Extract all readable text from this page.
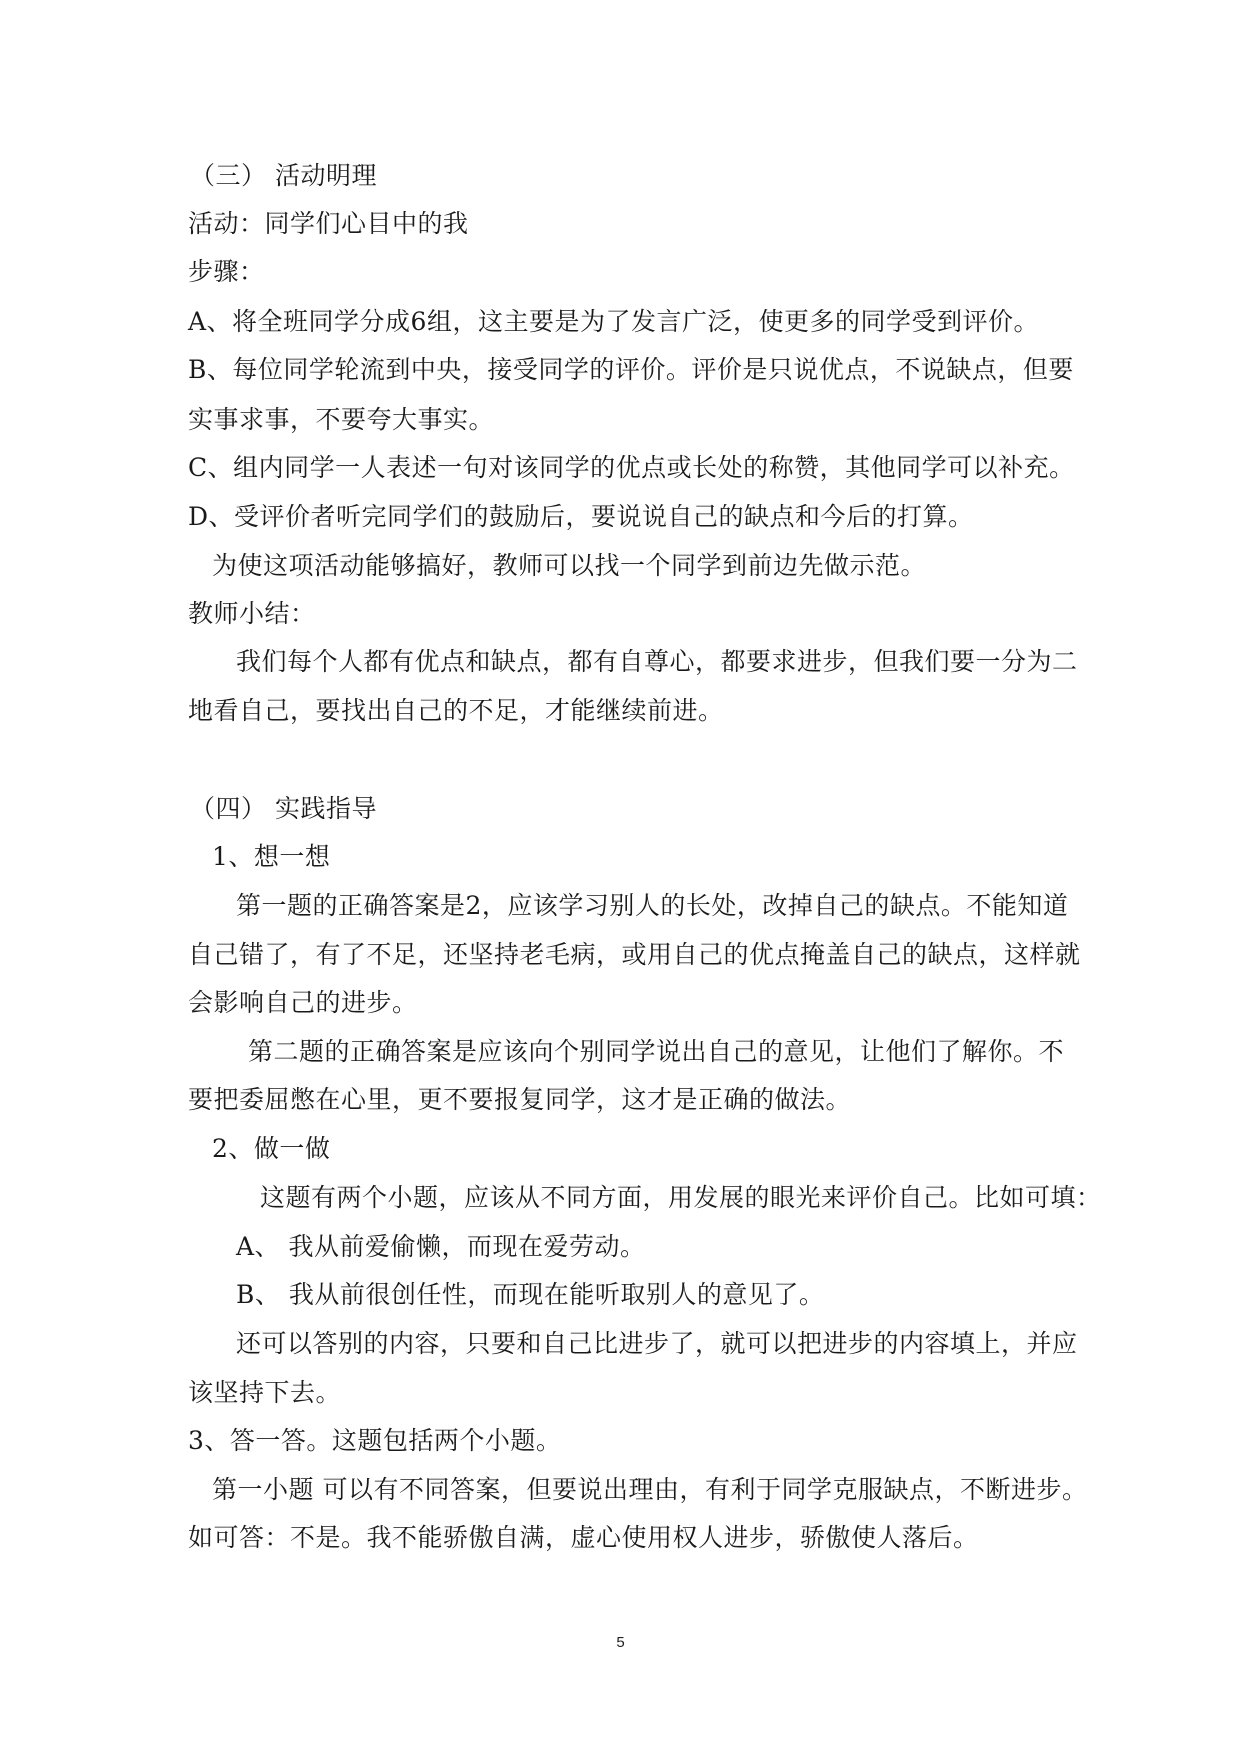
（三） 活动明理
活动：同学们心目中的我
步骤：
A、将全班同学分成6组，这主要是为了发言广泛，使更多的同学受到评价。
B、每位同学轮流到中央，接受同学的评价。评价是只说优点，不说缺点，但要
实事求事，不要夸大事实。
C、组内同学一人表述一句对该同学的优点或长处的称赞，其他同学可以补充。
D、受评价者听完同学们的鼓励后，要说说自己的缺点和今后的打算。
为使这项活动能够搞好，教师可以找一个同学到前边先做示范。
教师小结：
我们每个人都有优点和缺点，都有自尊心，都要求进步，但我们要一分为二
地看自己，要找出自己的不足，才能继续前进。
（四） 实践指导
1、想一想
第一题的正确答案是2，应该学习别人的长处，改掉自己的缺点。不能知道
自己错了，有了不足，还坚持老毛病，或用自己的优点掩盖自己的缺点，这样就
会影响自己的进步。
第二题的正确答案是应该向个别同学说出自己的意见，让他们了解你。不
要把委屈憋在心里，更不要报复同学，这才是正确的做法。
2、做一做
这题有两个小题，应该从不同方面，用发展的眼光来评价自己。比如可填：
A、 我从前爱偷懒，而现在爱劳动。
B、 我从前很创任性，而现在能听取别人的意见了。
还可以答别的内容，只要和自己比进步了，就可以把进步的内容填上，并应
该坚持下去。
3、答一答。这题包括两个小题。
第一小题 可以有不同答案，但要说出理由，有利于同学克服缺点，不断进步。
如可答：不是。我不能骄傲自满，虚心使用权人进步，骄傲使人落后。
5
